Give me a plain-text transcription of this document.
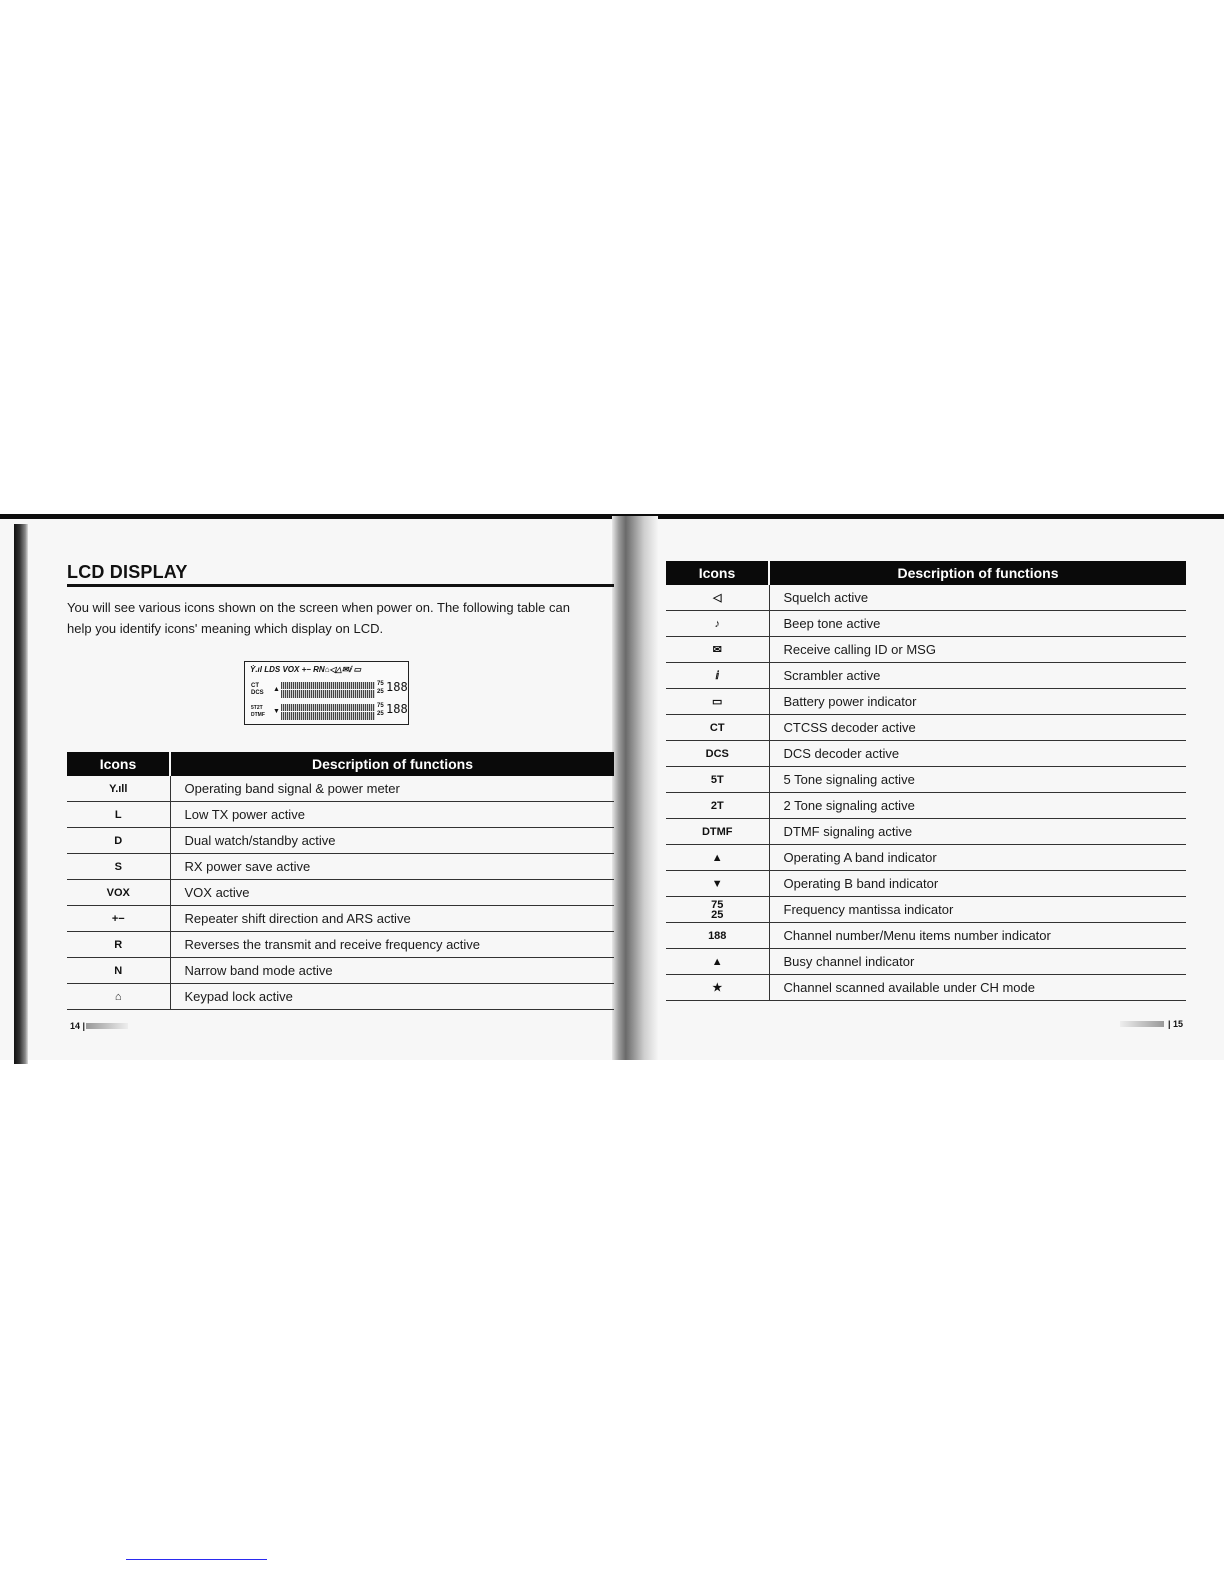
LCD DISPLAY
You will see various icons shown on the screen when power on. The following table can help you identify icons' meaning which display on LCD.
Ẏ.ıl LDS VOX +− RN⌂◁△✉ⅈ ▭
CT
DCS ▲
75
25 188
5T2T
DTMF ▼
75
25 188
Icons	Description of functions
Y.ıll	Operating band signal & power meter
L	Low TX power active
D	Dual watch/standby active
S	RX power save active
VOX	VOX active
+−	Repeater shift direction and ARS active
R	Reverses the transmit and receive frequency active
N	Narrow band mode active
⌂	Keypad lock active
14 |
Icons	Description of functions
◁	Squelch active
♪	Beep tone active
✉	Receive calling ID or MSG
ⅈ	Scrambler active
▭	Battery power indicator
CT	CTCSS decoder active
DCS	DCS decoder active
5T	5 Tone signaling active
2T	2 Tone signaling active
DTMF	DTMF signaling active
▲	Operating A band indicator
▼	Operating B band indicator
75
25	Frequency mantissa indicator
188	Channel number/Menu items number indicator
▲	Busy channel indicator
★	Channel scanned available under CH mode
| 15
